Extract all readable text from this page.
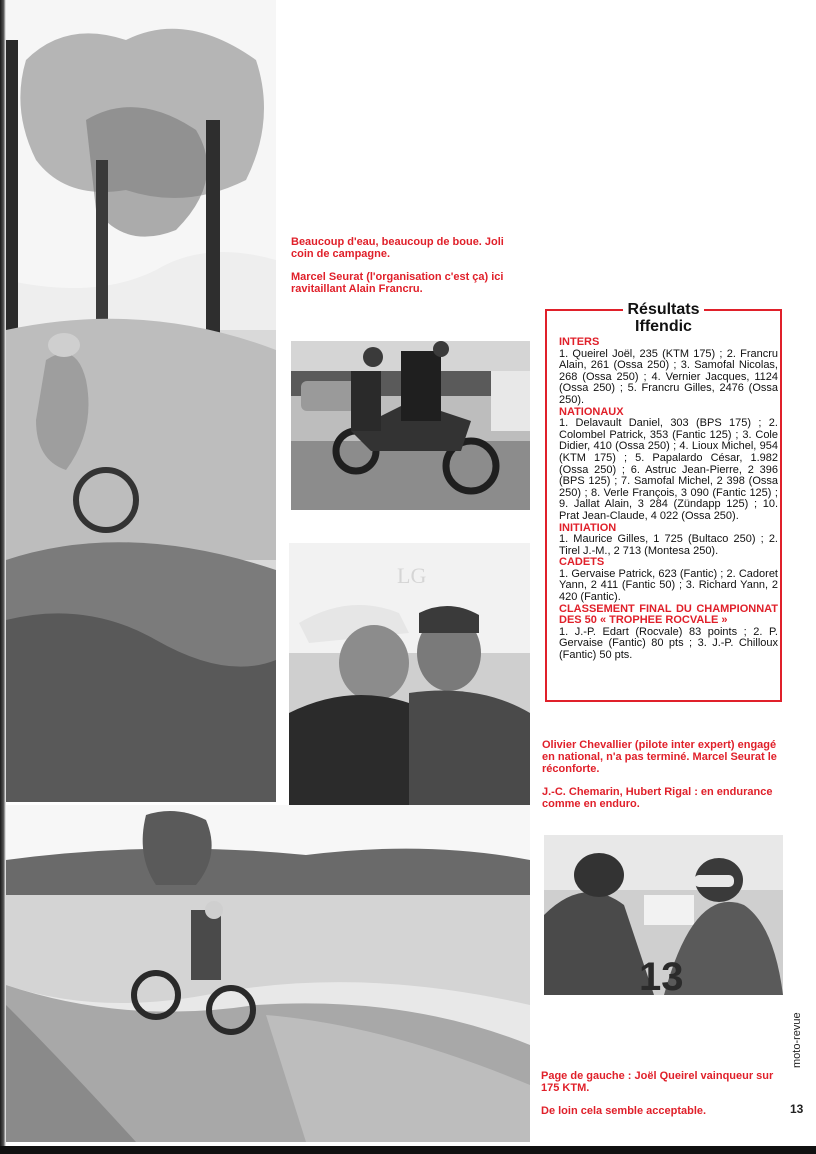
LG
13

Beaucoup d'eau, beaucoup de boue. Joli coin de campagne.

Marcel Seurat (l'organisation c'est ça) ici ravitaillant Alain Francru.

Olivier Chevallier (pilote inter expert) engagé en national, n'a pas terminé. Marcel Seurat le réconforte.

J.-C. Chemarin, Hubert Rigal : en endurance comme en enduro.

Page de gauche : Joël Queirel vainqueur sur 175 KTM.

De loin cela semble acceptable.

Résultats
Iffendic
INTERS
1. Queirel Joël, 235 (KTM 175) ; 2. Francru Alain, 261 (Ossa 250) ; 3. Samofal Nicolas, 268 (Ossa 250) ; 4. Vernier Jacques, 1124 (Ossa 250) ; 5. Francru Gilles, 2476 (Ossa 250).
NATIONAUX
1. Delavault Daniel, 303 (BPS 175) ; 2. Colombel Patrick, 353 (Fantic 125) ; 3. Cole Didier, 410 (Ossa 250) ; 4. Lioux Michel, 954 (KTM 175) ; 5. Papalardo César, 1.982 (Ossa 250) ; 6. Astruc Jean-Pierre, 2 396 (BPS 125) ; 7. Samofal Michel, 2 398 (Ossa 250) ; 8. Verle François, 3 090 (Fantic 125) ; 9. Jallat Alain, 3 284 (Zündapp 125) ; 10. Prat Jean-Claude, 4 022 (Ossa 250).
INITIATION
1. Maurice Gilles, 1 725 (Bultaco 250) ; 2. Tirel J.-M., 2 713 (Montesa 250).
CADETS
1. Gervaise Patrick, 623 (Fantic) ; 2. Cadoret Yann, 2 411 (Fantic 50) ; 3. Richard Yann, 2 420 (Fantic).
CLASSEMENT FINAL DU CHAMPIONNAT DES 50 « TROPHEE ROCVALE »
1. J.-P. Edart (Rocvale) 83 points ; 2. P. Gervaise (Fantic) 80 pts ; 3. J.-P. Chilloux (Fantic) 50 pts.
moto-revue
13
